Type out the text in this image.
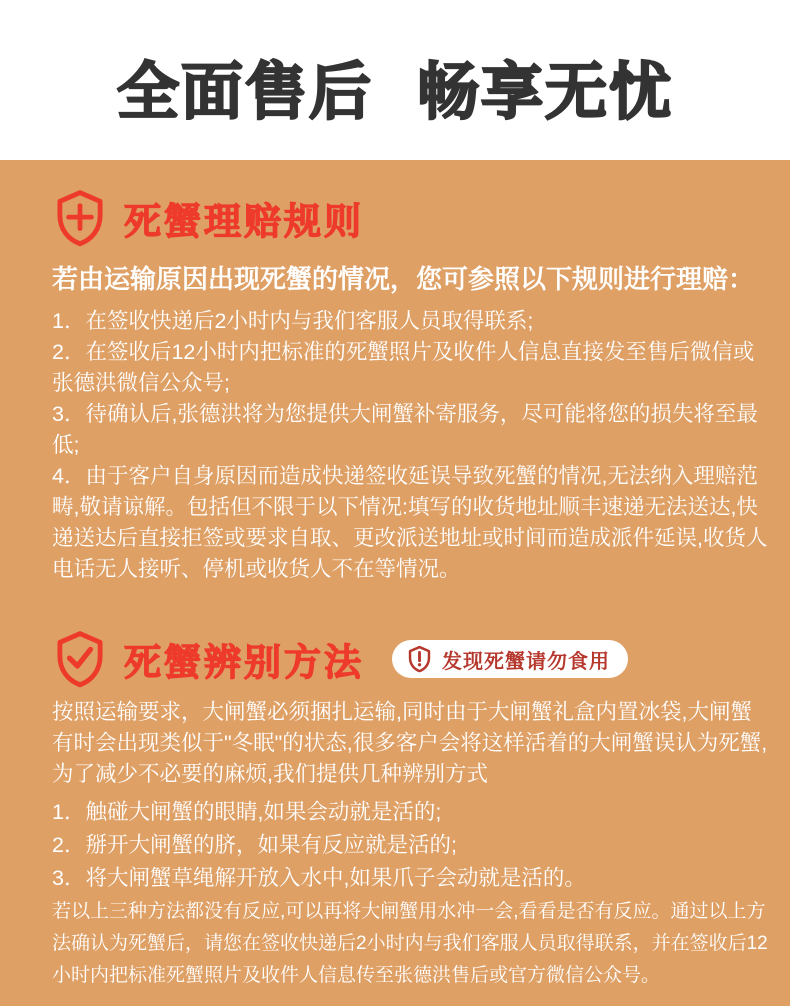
全面售后 畅享无忧
死蟹理赔规则

若由运输原因出现死蟹的情况，您可参照以下规则进行理赔：

1．在签收快递后2小时内与我们客服人员取得联系;

2．在签收后12小时内把标准的死蟹照片及收件人信息直接发至售后微信或张德洪微信公众号;

3．待确认后,张德洪将为您提供大闸蟹补寄服务，尽可能将您的损失将至最低;

4．由于客户自身原因而造成快递签收延误导致死蟹的情况,无法纳入理赔范畴,敬请谅解。包括但不限于以下情况:填写的收货地址顺丰速递无法送达,快递送达后直接拒签或要求自取、更改派送地址或时间而造成派件延误,收货人电话无人接听、停机或收货人不在等情况。

死蟹辨别方法	发现死蟹请勿食用

按照运输要求，大闸蟹必须捆扎运输,同时由于大闸蟹礼盒内置冰袋,大闸蟹有时会出现类似于"冬眠"的状态,很多客户会将这样活着的大闸蟹误认为死蟹,为了减少不必要的麻烦,我们提供几种辨别方式

1．触碰大闸蟹的眼睛,如果会动就是活的;

2．掰开大闸蟹的脐，如果有反应就是活的;

3．将大闸蟹草绳解开放入水中,如果爪子会动就是活的。

若以上三种方法都没有反应,可以再将大闸蟹用水冲一会,看看是否有反应。通过以上方法确认为死蟹后，请您在签收快递后2小时内与我们客服人员取得联系，并在签收后12小时内把标准死蟹照片及收件人信息传至张德洪售后或官方微信公众号。
